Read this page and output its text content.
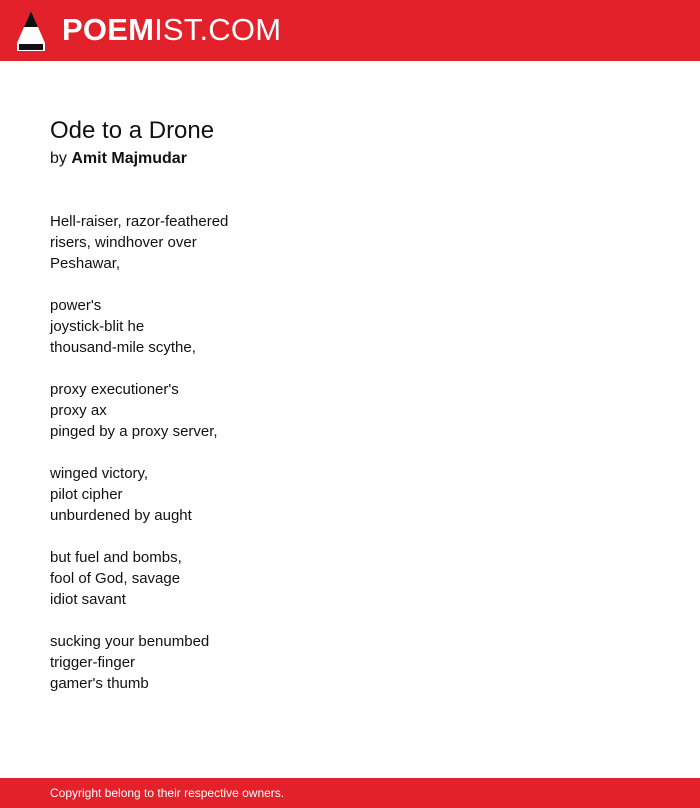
POEMIST.COM
Ode to a Drone
by Amit Majmudar
Hell-raiser, razor-feathered
risers, windhover over
Peshawar,
power's
joystick-blit he
thousand-mile scythe,
proxy executioner's
proxy ax
pinged by a proxy server,
winged victory,
pilot cipher
unburdened by aught
but fuel and bombs,
fool of God, savage
idiot savant
sucking your benumbed
trigger-finger
gamer's thumb
Copyright belong to their respective owners.
